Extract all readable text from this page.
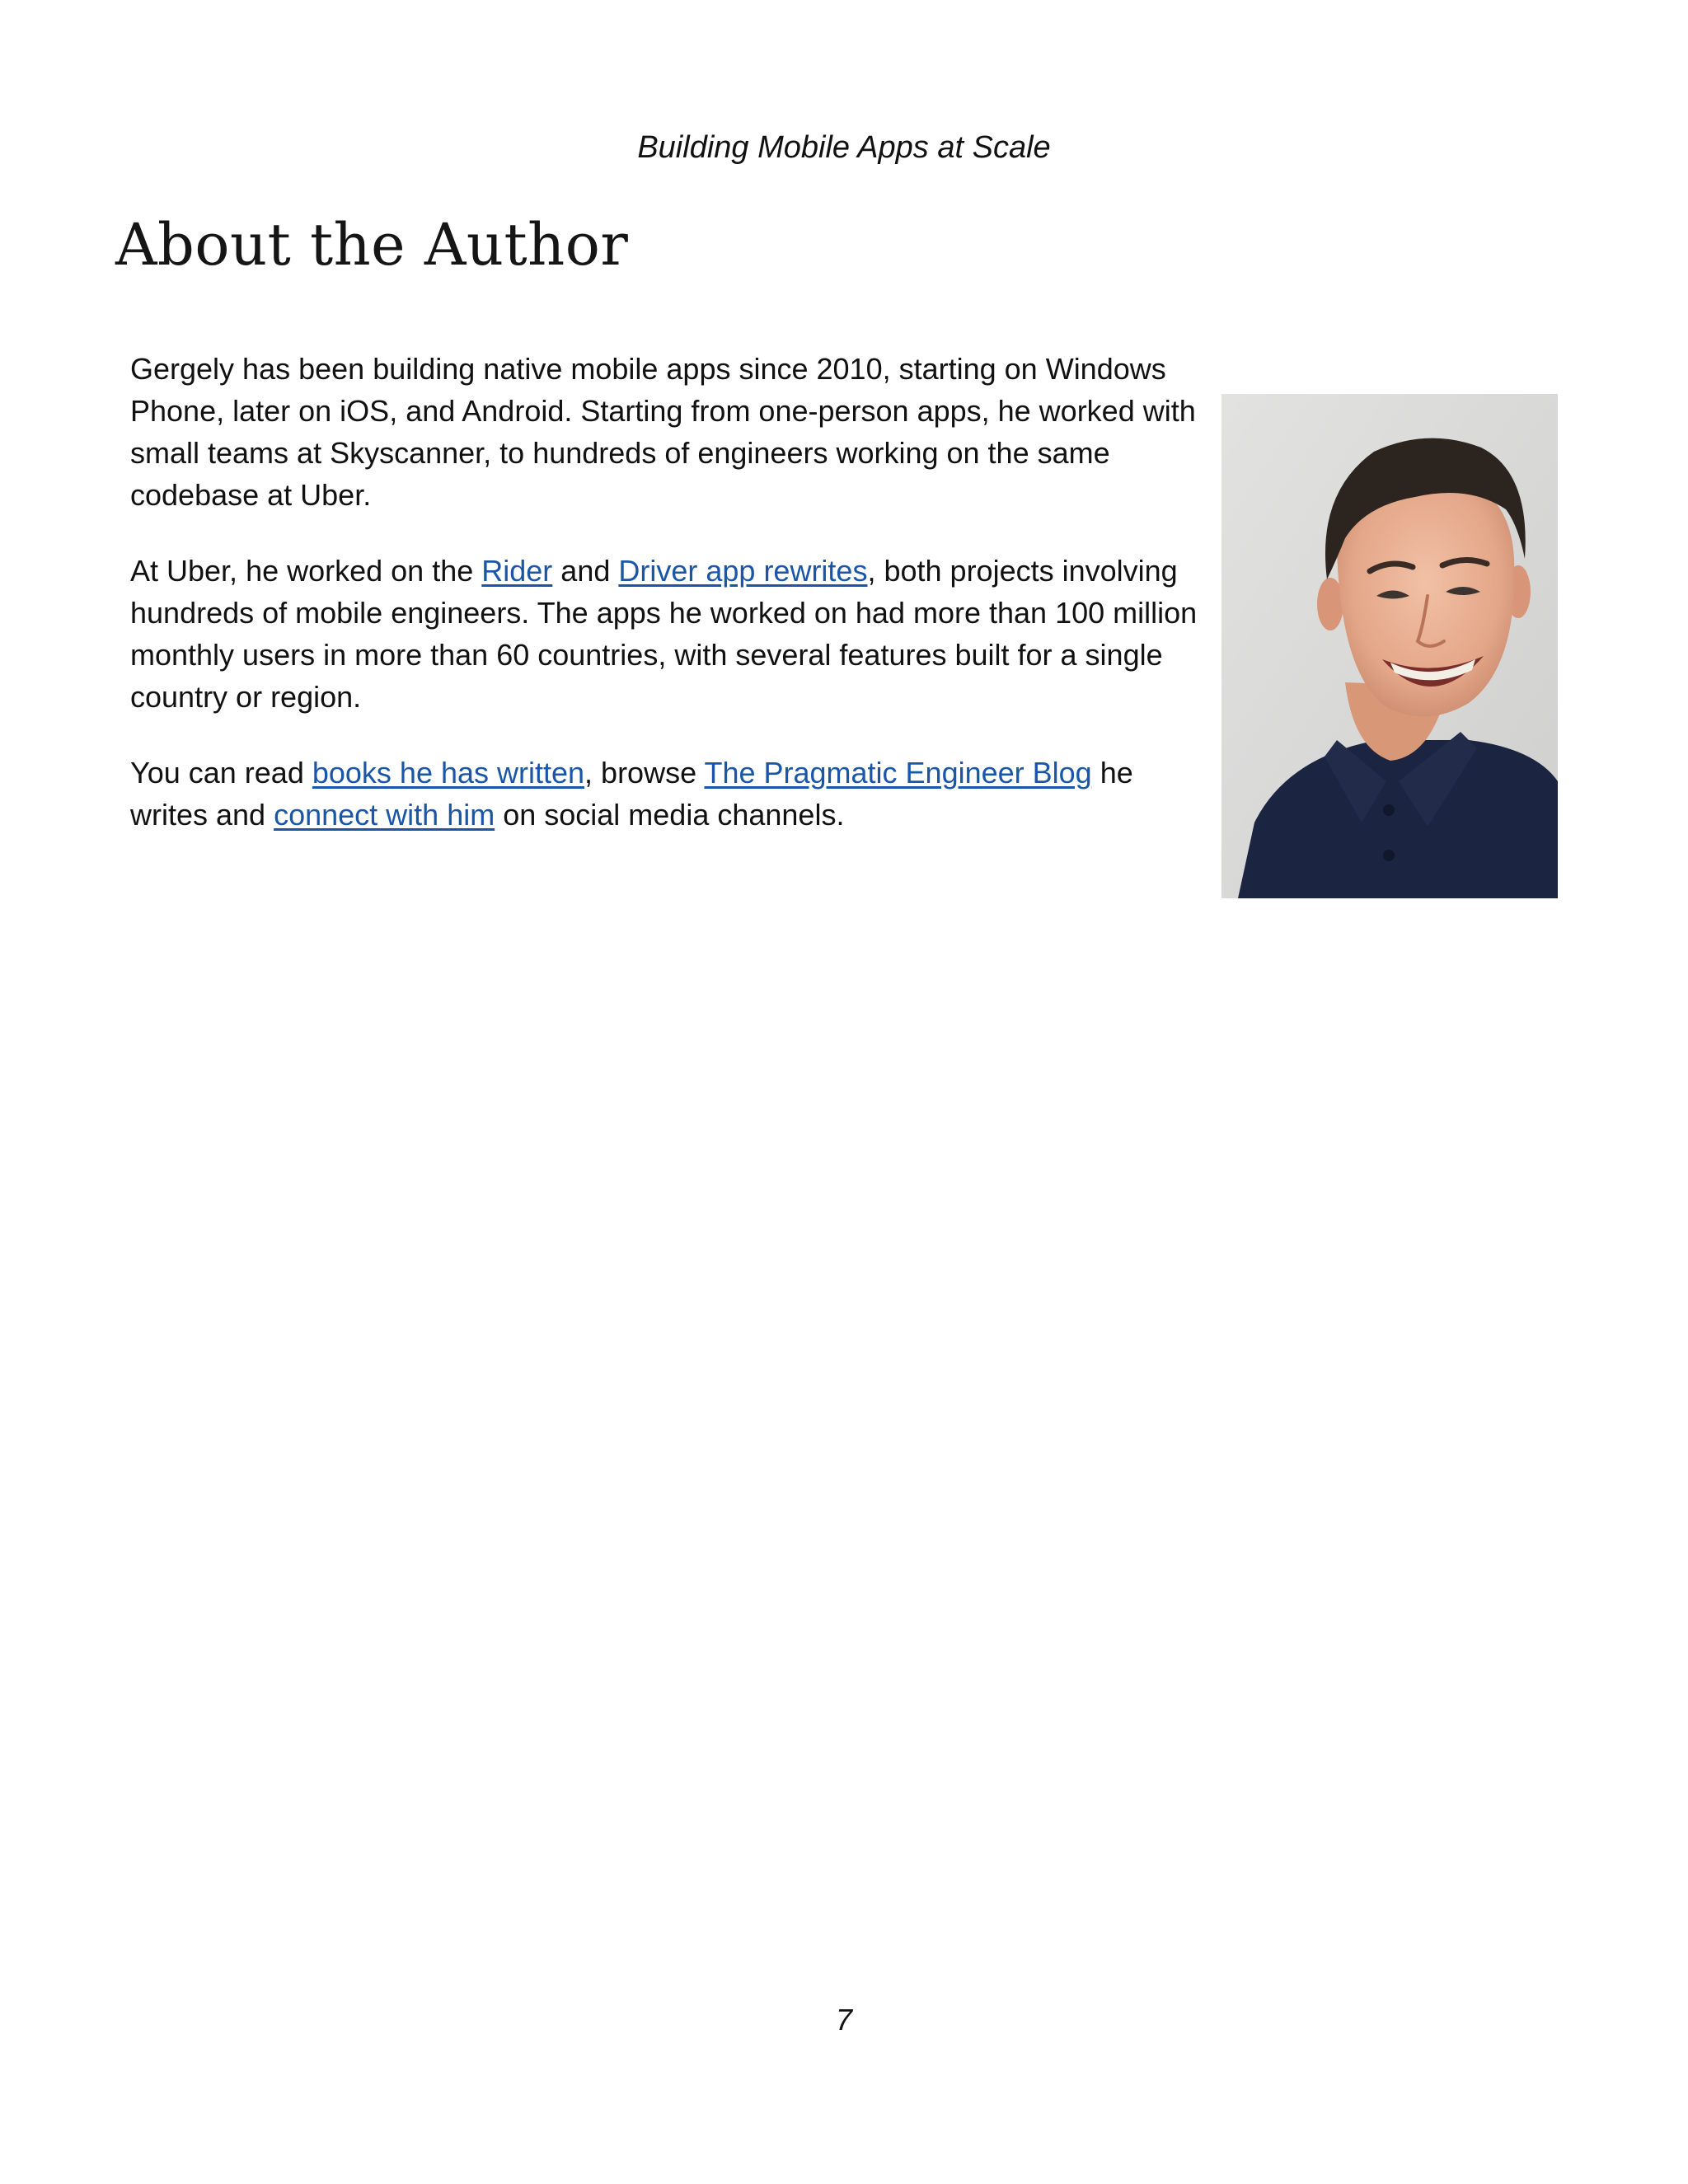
Building Mobile Apps at Scale
About the Author

Gergely has been building native mobile apps since 2010, starting on Windows Phone, later on iOS, and Android. Starting from one-person apps, he worked with small teams at Skyscanner, to hundreds of engineers working on the same codebase at Uber.

At Uber, he worked on the Rider and Driver app rewrites, both projects involving hundreds of mobile engineers. The apps he worked on had more than 100 million monthly users in more than 60 countries, with several features built for a single country or region.

You can read books he has written, browse The Pragmatic Engineer Blog he writes and connect with him on social media channels.

7
